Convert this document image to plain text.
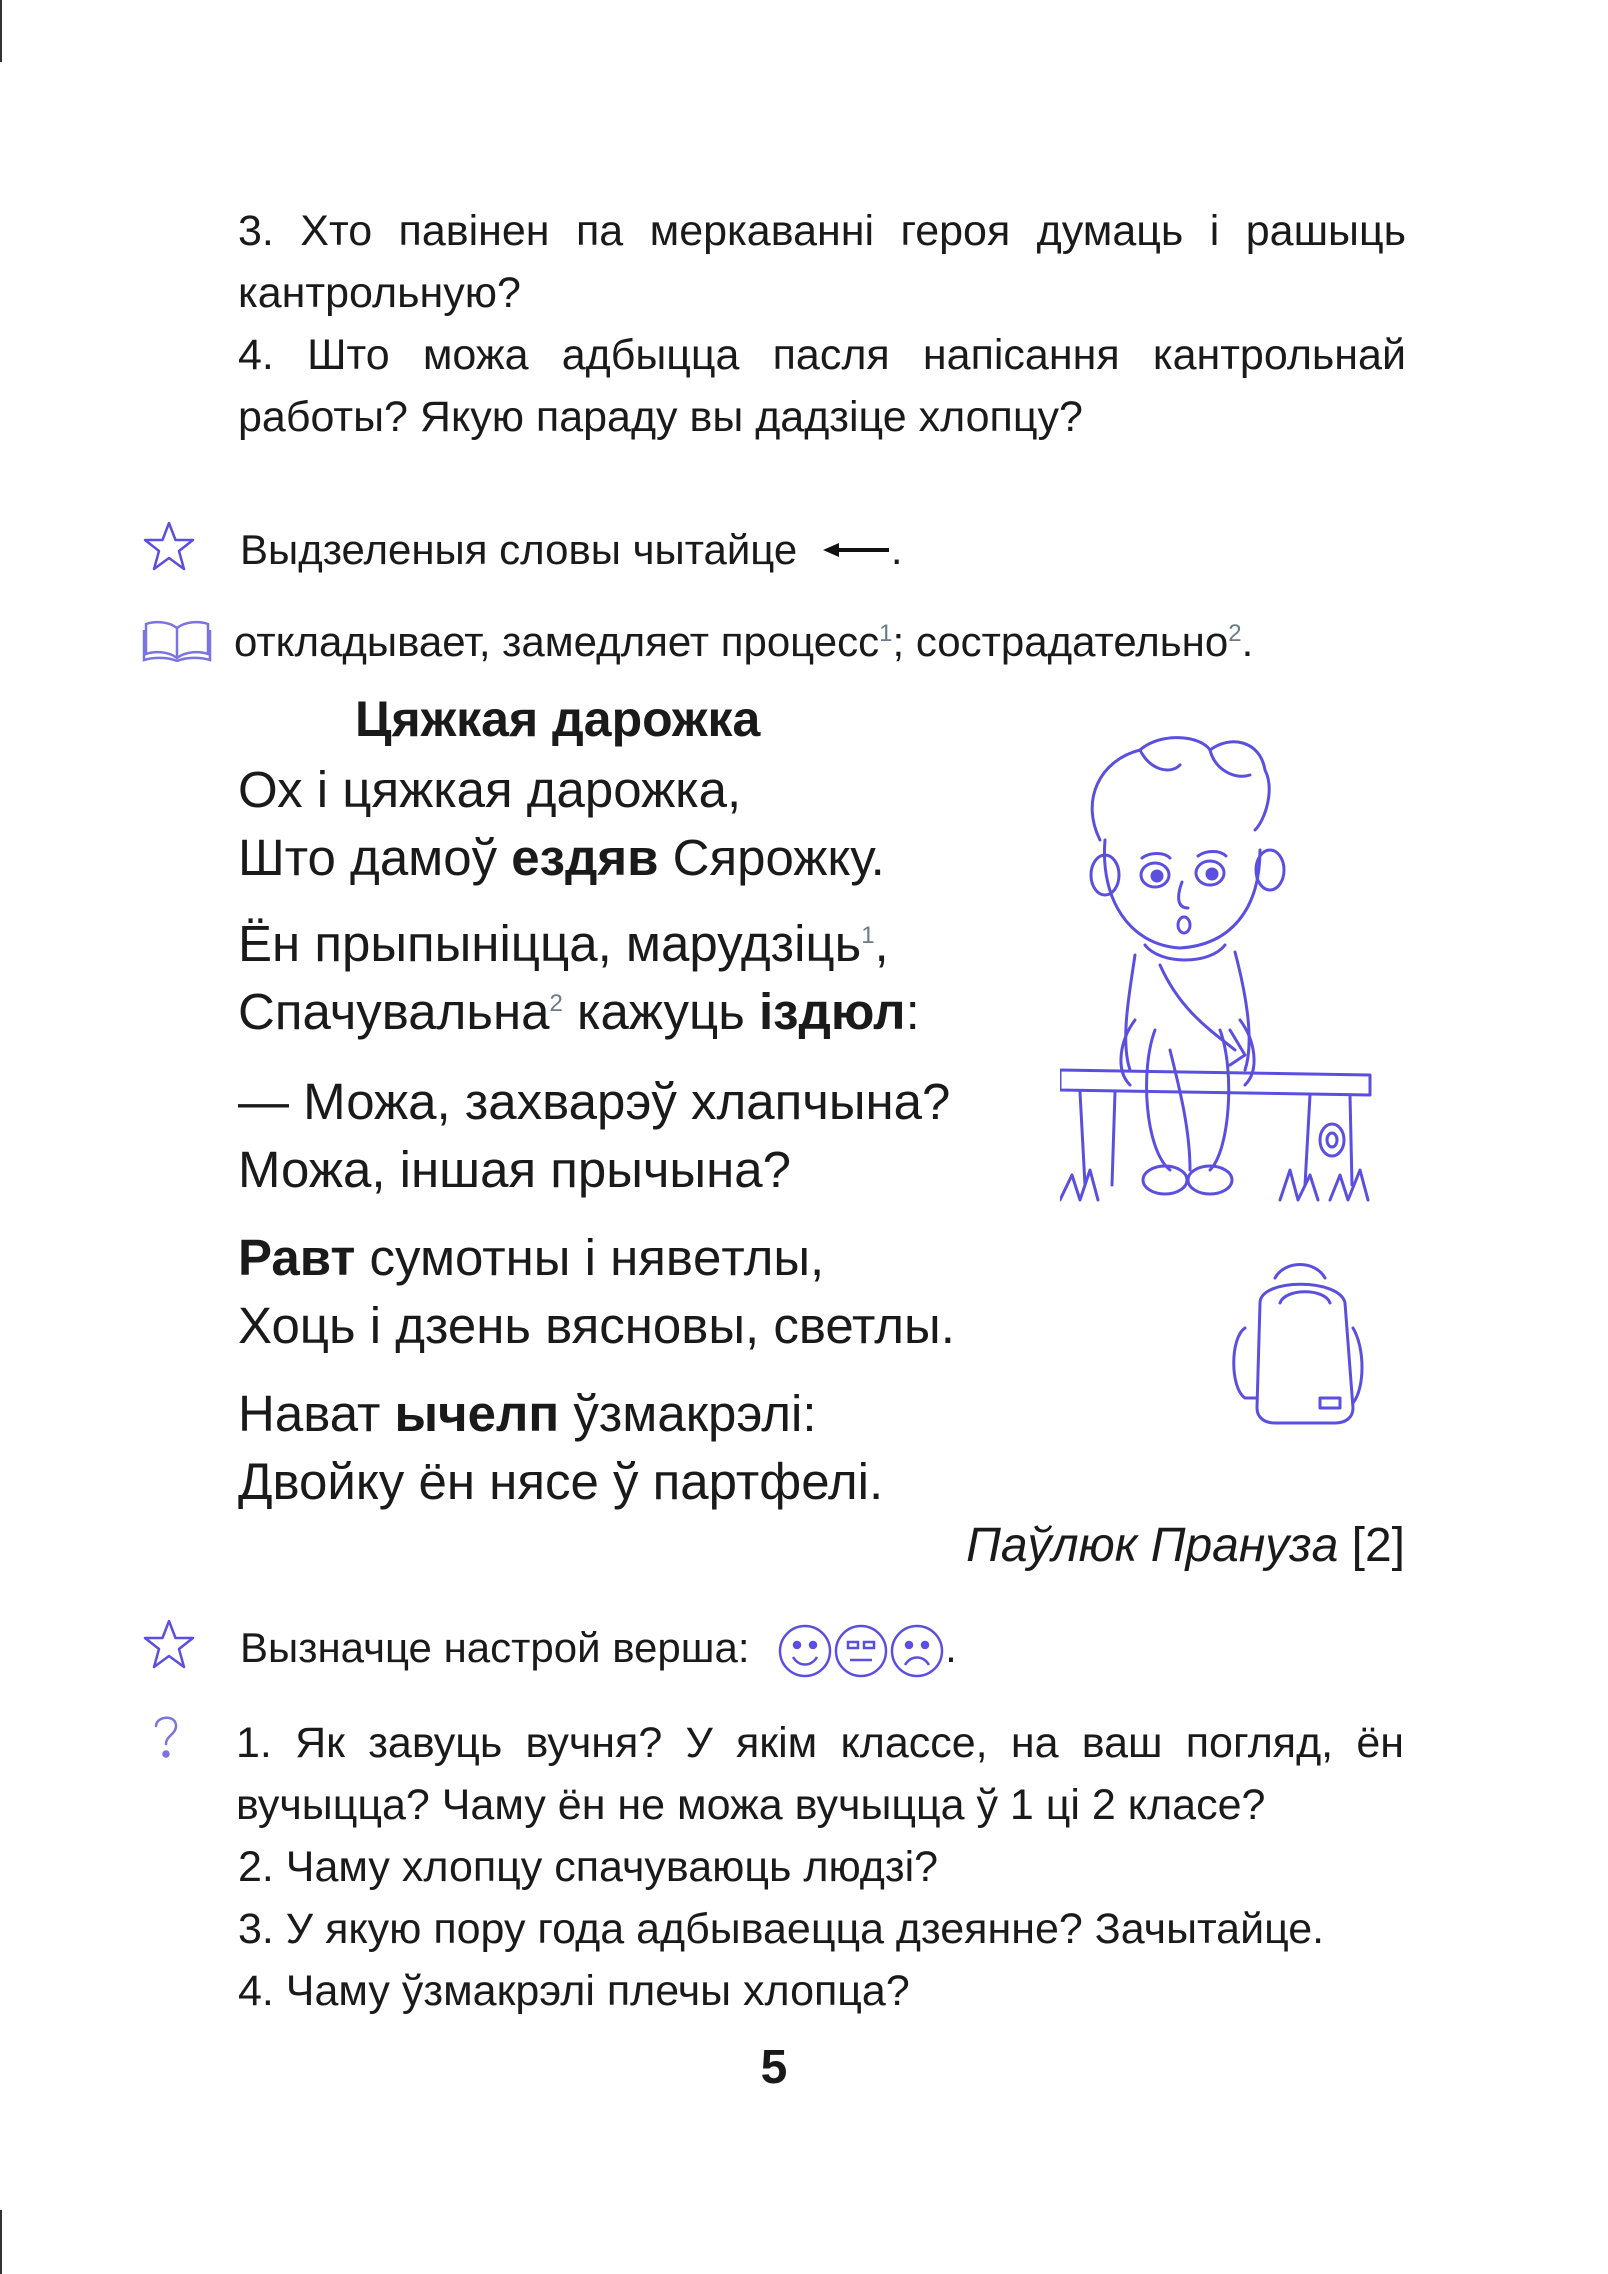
3. Хто павінен па меркаванні героя думаць і рашыць кантрольную?
4. Што можа адбыцца пасля напісання кантрольнай работы? Якую параду вы дадзіце хлопцу?
Выдзеленыя словы чытайце .
откладывает, замедляет процесс$^1$; сострадательно$^2$.
Цяжкая дарожка
Ох і цяжкая дарожка,
Што дамоў ездяв Сярожку.
Ён прыпыніцца, марудзіць$^1$,
Спачувальна$^2$ кажуць іздюл:
— Можа, захварэў хлапчына?
Можа, іншая прычына?
Равт сумотны і нявeтлы,
Хоць і дзень вясновы, светлы.
Нават ычелп ўзмакрэлі:
Двойку ён нясе ў партфелі.
Паўлюк Пранузa [2]
Вызначце настрой верша:	.
1. Як завуць вучня? У якім классе, на ваш погляд, ён вучыцца? Чаму ён не можа вучыцца ў 1 ці 2 класе?
2. Чаму хлопцу спачуваюць людзі?
3. У якую пору года адбываецца дзеянне? Зачытайце.
4. Чаму ўзмакрэлі плечы хлопца?
5
